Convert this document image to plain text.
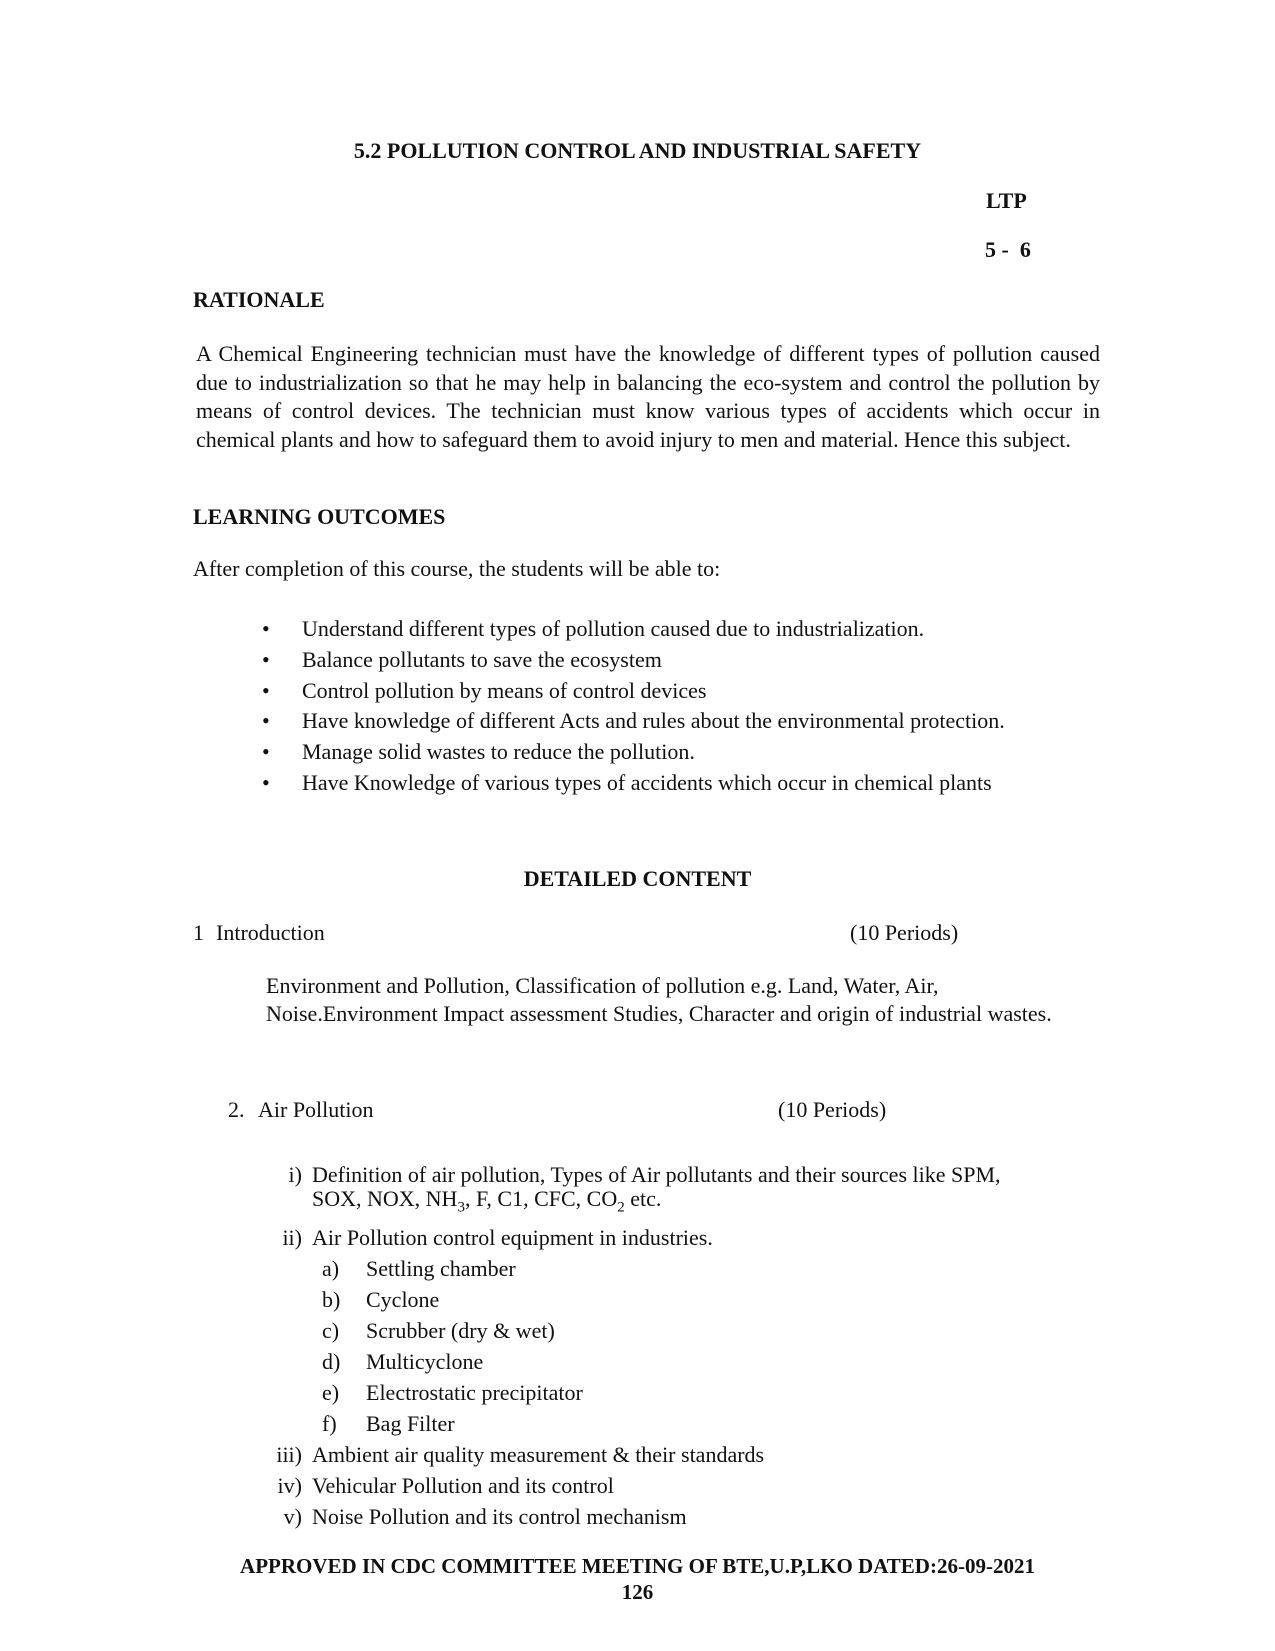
5.2 POLLUTION CONTROL AND INDUSTRIAL SAFETY
LTP
5 -  6
RATIONALE
A Chemical Engineering technician must have the knowledge of different types of pollution caused due to industrialization so that he may help in balancing the eco-system and control the pollution by means of control devices. The technician must know various types of accidents which occur in chemical plants and how to safeguard them to avoid injury to men and material. Hence this subject.
LEARNING OUTCOMES
After completion of this course, the students will be able to:
•	Understand different types of pollution caused due to industrialization.
•	Balance pollutants to save the ecosystem
•	Control pollution by means of control devices
•	Have knowledge of different Acts and rules about the environmental protection.
•	Manage solid wastes to reduce the pollution.
•	Have Knowledge of various types of accidents which occur in chemical plants
DETAILED CONTENT
1 Introduction	(10 Periods)
Environment and Pollution, Classification of pollution e.g. Land, Water, Air, Noise.Environment Impact assessment Studies, Character and origin of industrial wastes.
2. Air Pollution	(10 Periods)
i) Definition of air pollution, Types of Air pollutants and their sources like SPM,
SOX, NOX, $NH_3$, F, C1, CFC, $CO_2$ etc.
ii) Air Pollution control equipment in industries.
a)	Settling chamber
b)	Cyclone
c)	Scrubber (dry & wet)
d)	Multicyclone
e)	Electrostatic precipitator
f)	Bag Filter
iii) Ambient air quality measurement & their standards
iv) Vehicular Pollution and its control
v) Noise Pollution and its control mechanism
APPROVED IN CDC COMMITTEE MEETING OF BTE,U.P,LKO DATED:26-09-2021
126
